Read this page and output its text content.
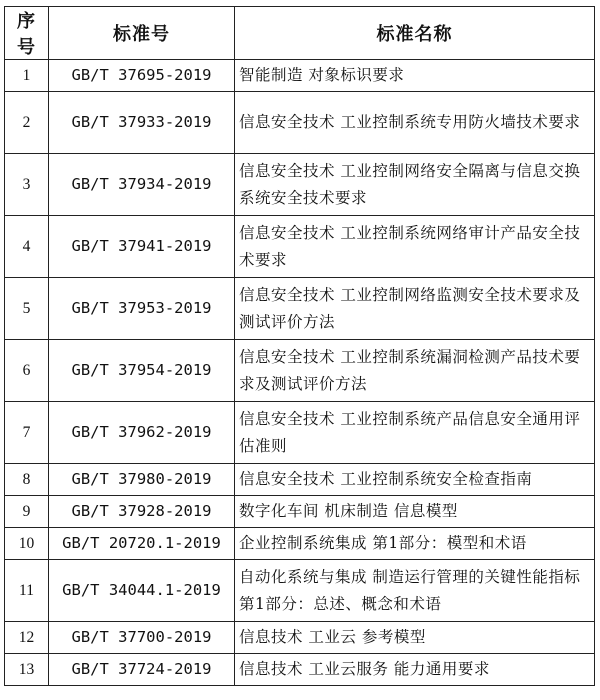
序号	标准号	标准名称
1	GB/T 37695-2019	智能制造 对象标识要求
2	GB/T 37933-2019	信息安全技术 工业控制系统专用防火墙技术要求
3	GB/T 37934-2019	信息安全技术 工业控制网络安全隔离与信息交换系统安全技术要求
4	GB/T 37941-2019	信息安全技术 工业控制系统网络审计产品安全技术要求
5	GB/T 37953-2019	信息安全技术 工业控制网络监测安全技术要求及测试评价方法
6	GB/T 37954-2019	信息安全技术 工业控制系统漏洞检测产品技术要求及测试评价方法
7	GB/T 37962-2019	信息安全技术 工业控制系统产品信息安全通用评估准则
8	GB/T 37980-2019	信息安全技术 工业控制系统安全检查指南
9	GB/T 37928-2019	数字化车间 机床制造 信息模型
10	GB/T 20720.1-2019	企业控制系统集成 第1部分：模型和术语
11	GB/T 34044.1-2019	自动化系统与集成 制造运行管理的关键性能指标 第1部分：总述、概念和术语
12	GB/T 37700-2019	信息技术 工业云 参考模型
13	GB/T 37724-2019	信息技术 工业云服务 能力通用要求
